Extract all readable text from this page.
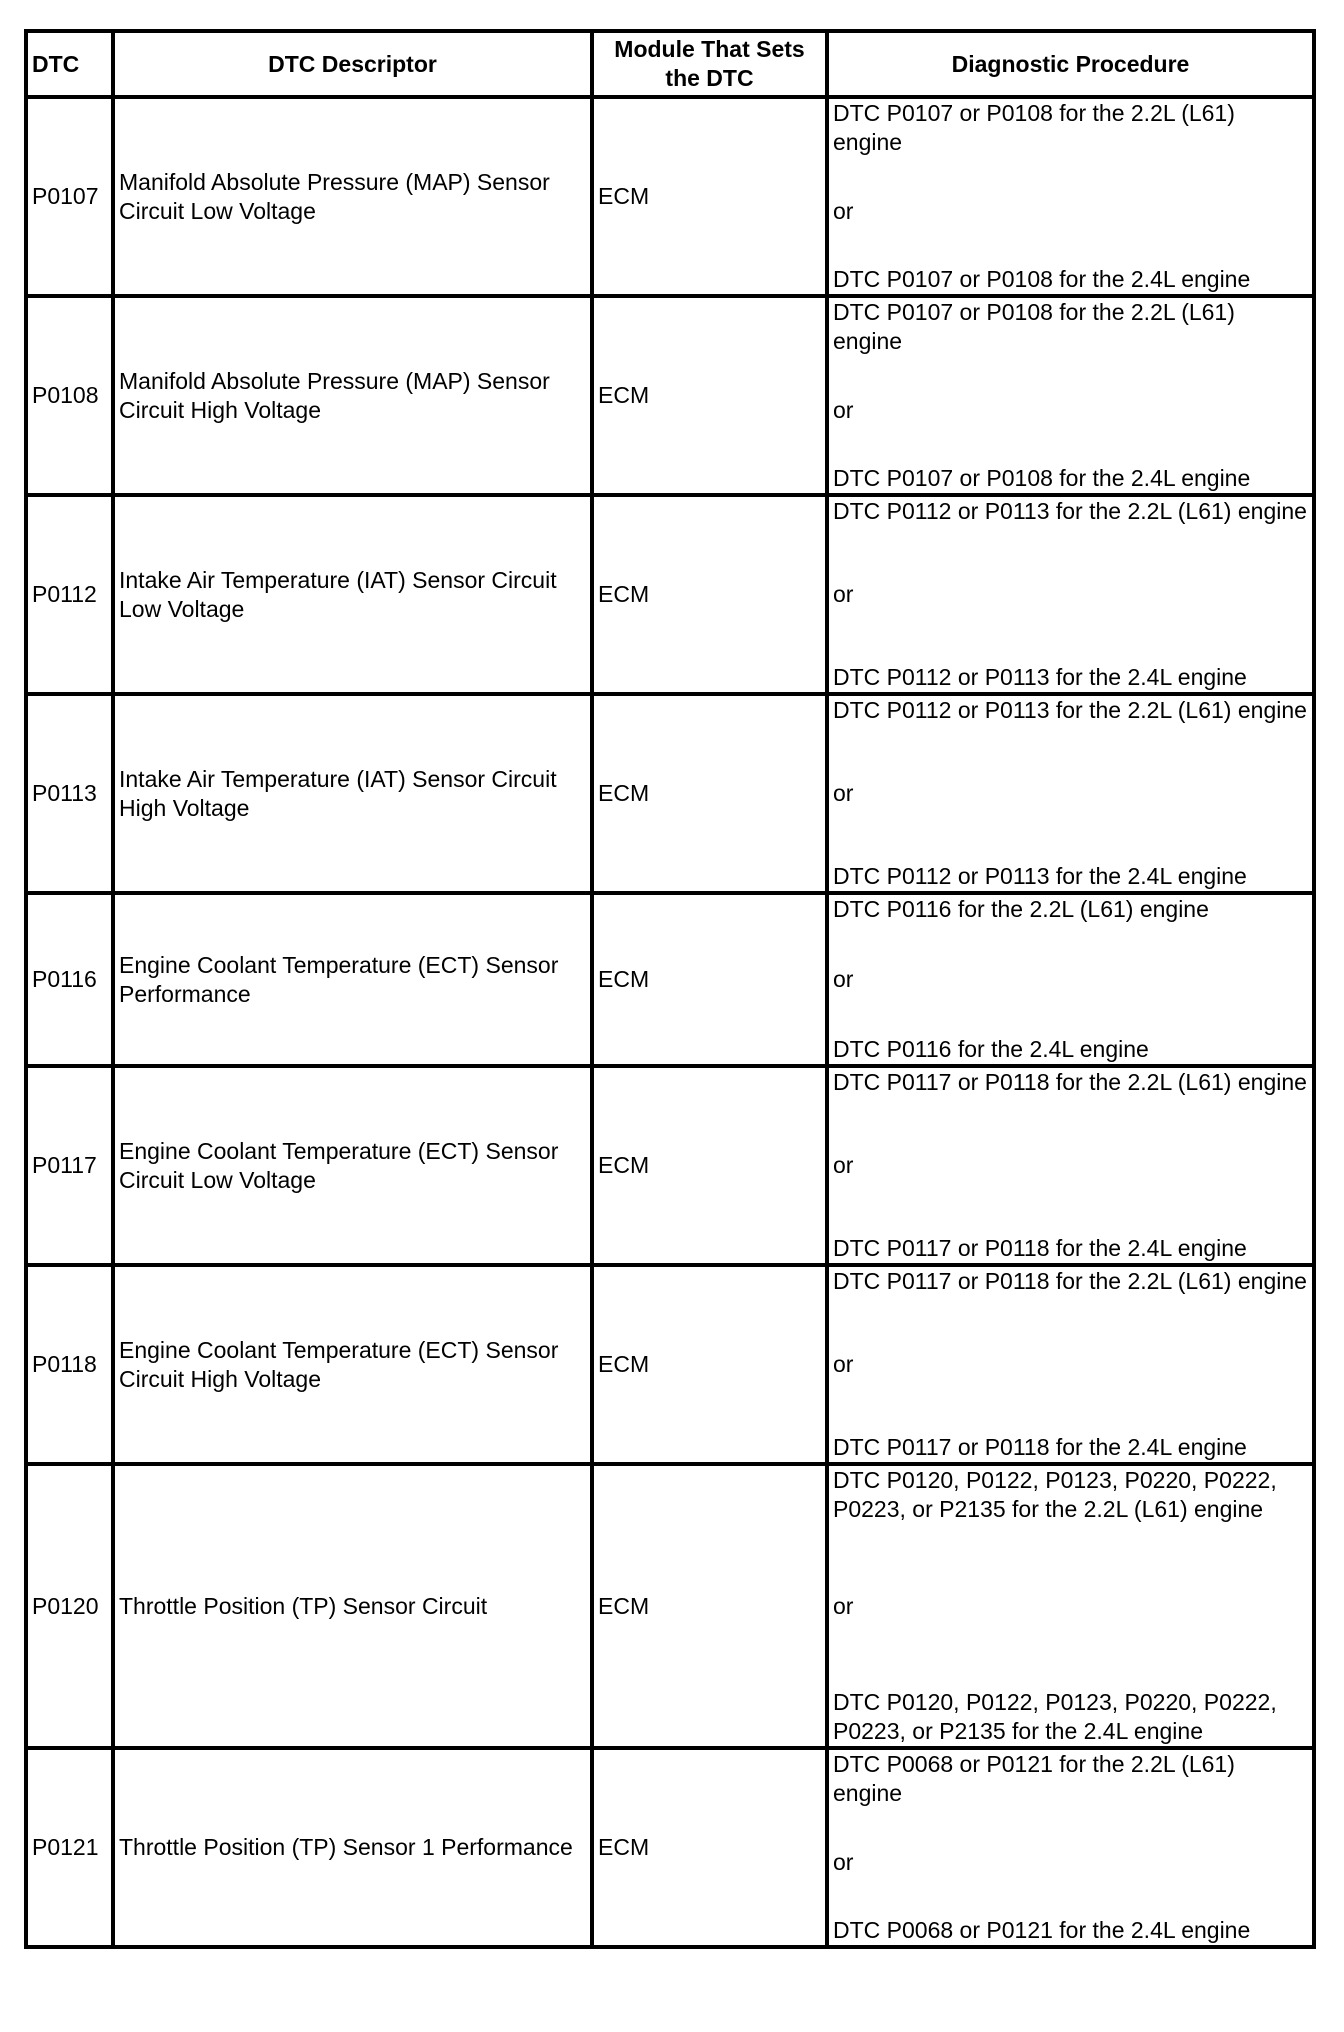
DTC	DTC Descriptor	Module That Sets the DTC	Diagnostic Procedure
P0107	Manifold Absolute Pressure (MAP) Sensor Circuit Low Voltage	ECM	DTC P0107 or P0108 for the 2.2L (L61) engine
or
DTC P0107 or P0108 for the 2.4L engine

P0108	Manifold Absolute Pressure (MAP) Sensor Circuit High Voltage	ECM	DTC P0107 or P0108 for the 2.2L (L61) engine
or
DTC P0107 or P0108 for the 2.4L engine

P0112	Intake Air Temperature (IAT) Sensor Circuit Low Voltage	ECM	DTC P0112 or P0113 for the 2.2L (L61) engine
or
DTC P0112 or P0113 for the 2.4L engine

P0113	Intake Air Temperature (IAT) Sensor Circuit High Voltage	ECM	DTC P0112 or P0113 for the 2.2L (L61) engine
or
DTC P0112 or P0113 for the 2.4L engine

P0116	Engine Coolant Temperature (ECT) Sensor Performance	ECM	DTC P0116 for the 2.2L (L61) engine
or
DTC P0116 for the 2.4L engine

P0117	Engine Coolant Temperature (ECT) Sensor Circuit Low Voltage	ECM	DTC P0117 or P0118 for the 2.2L (L61) engine
or
DTC P0117 or P0118 for the 2.4L engine

P0118	Engine Coolant Temperature (ECT) Sensor Circuit High Voltage	ECM	DTC P0117 or P0118 for the 2.2L (L61) engine
or
DTC P0117 or P0118 for the 2.4L engine

P0120	Throttle Position (TP) Sensor Circuit	ECM	DTC P0120, P0122, P0123, P0220, P0222, P0223, or P2135 for the 2.2L (L61) engine
or
DTC P0120, P0122, P0123, P0220, P0222, P0223, or P2135 for the 2.4L engine

P0121	Throttle Position (TP) Sensor 1 Performance	ECM	DTC P0068 or P0121 for the 2.2L (L61) engine
or
DTC P0068 or P0121 for the 2.4L engine
